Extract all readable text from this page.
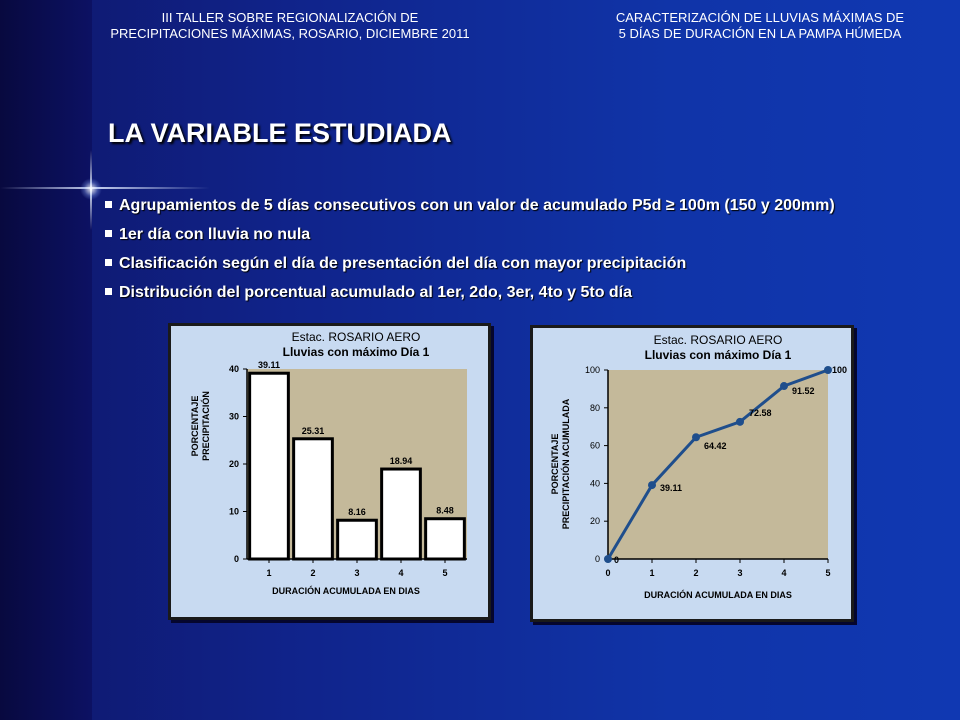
III TALLER SOBRE REGIONALIZACIÓN DE
PRECIPITACIONES MÁXIMAS, ROSARIO, DICIEMBRE 2011
CARACTERIZACIÓN DE LLUVIAS MÁXIMAS DE
5 DÍAS DE DURACIÓN EN LA PAMPA HÚMEDA
LA VARIABLE ESTUDIADA
Agrupamientos de 5 días consecutivos con un valor de acumulado P5d ≥ 100m (150 y 200mm)
1er día con lluvia no nula
Clasificación según el día de presentación del día con mayor precipitación
Distribución del porcentual acumulado al 1er, 2do, 3er, 4to y 5to día
Estac. ROSARIO AERO
Lluvias con máximo Día 1
0
10
20
30
40 39.11
1
25.31
2
8.16
3
18.94
4
8.48
5
DURACIÓN ACUMULADA EN DIAS
PORCENTAJE PRECIPITACIÓN
Estac. ROSARIO AERO
Lluvias con máximo Día 1
0
20
40
60
80
100
0	1	2	3	4	5
0
39.11
64.42
72.58
91.52
100
DURACIÓN ACUMULADA EN DIAS
PORCENTAJE PRECIPITACIÓN ACUMULADA
